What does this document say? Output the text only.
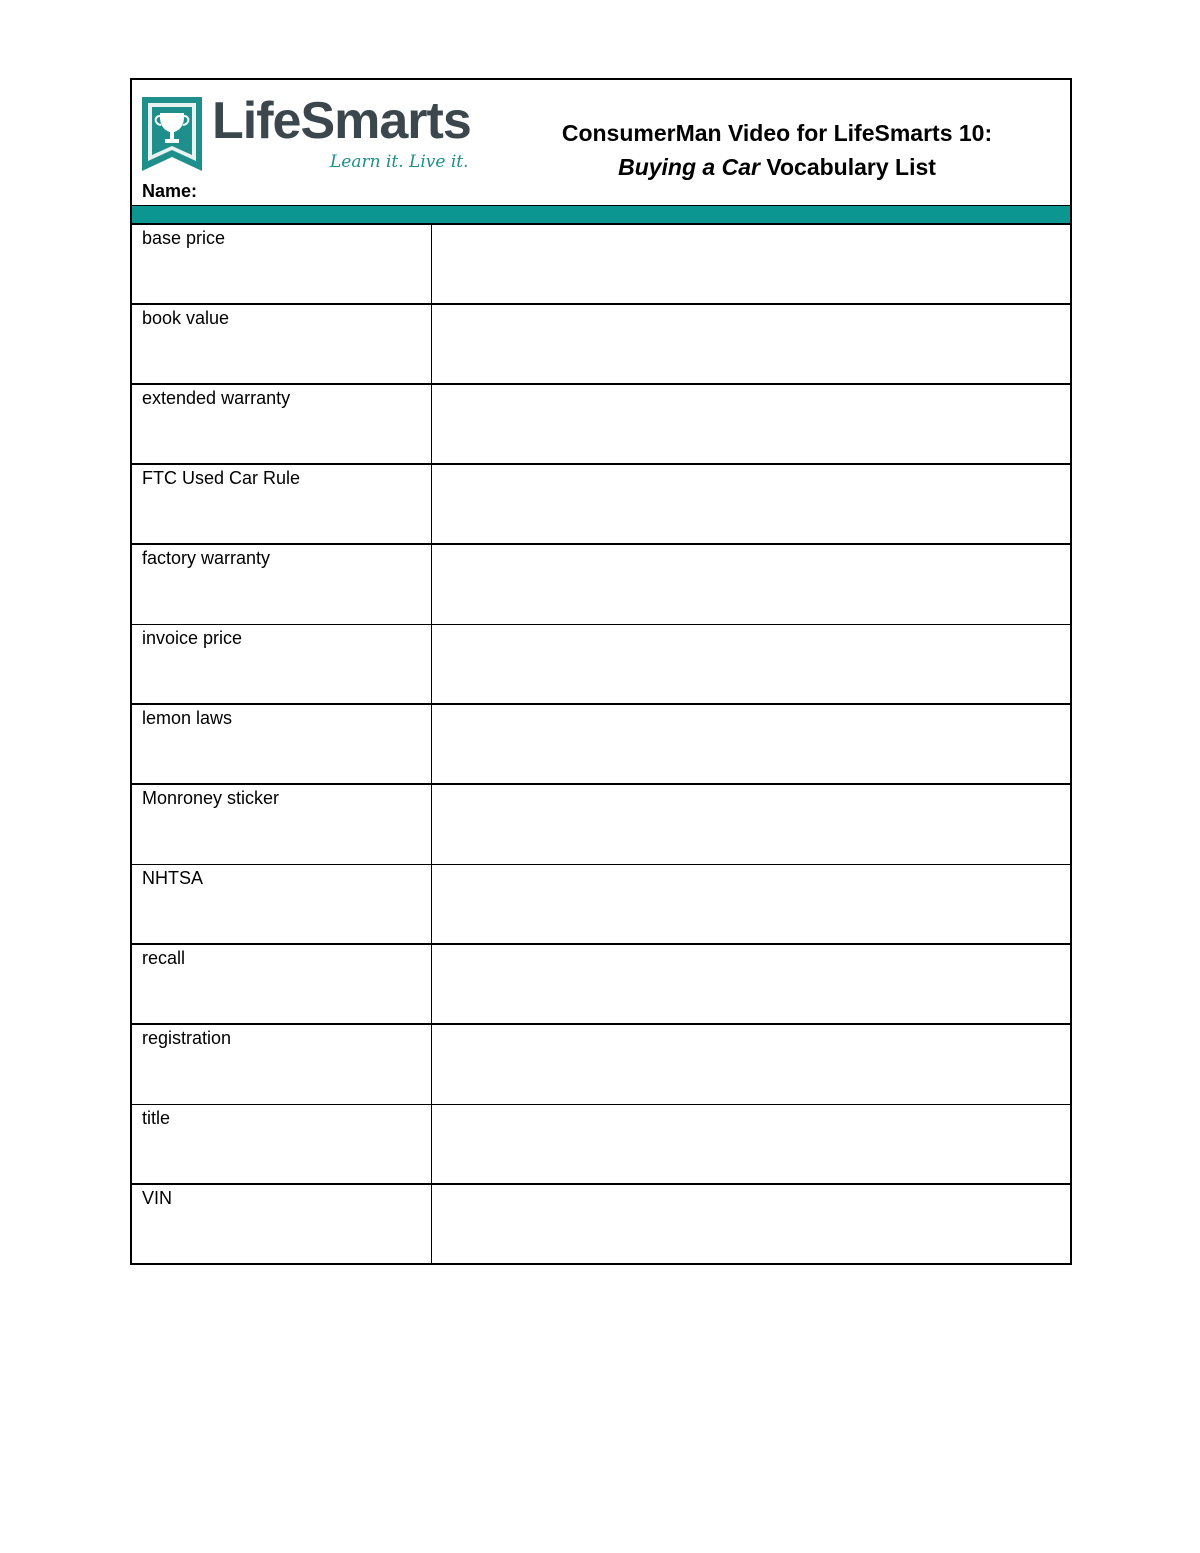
LifeSmarts
Learn it. Live it.
Name:
ConsumerMan Video for LifeSmarts 10:
Buying a Car Vocabulary List
base price
book value
extended warranty
FTC Used Car Rule
factory warranty
invoice price
lemon laws
Monroney sticker
NHTSA
recall
registration
title
VIN
